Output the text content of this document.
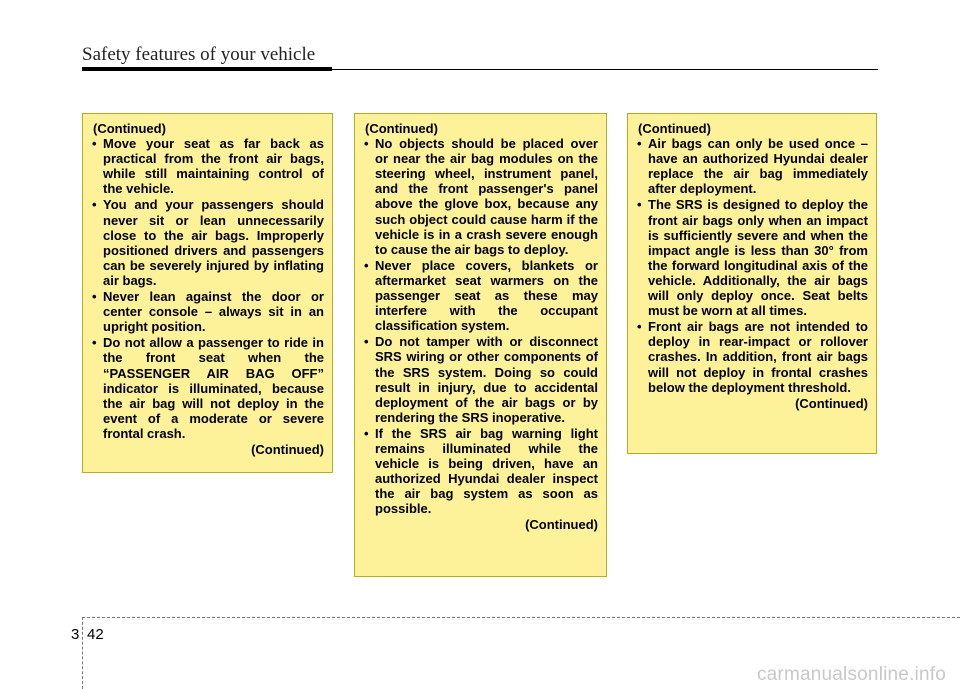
Safety features of your vehicle
(Continued)
• Move your seat as far back as practical from the front air bags, while still maintaining control of the vehicle.
• You and your passengers should never sit or lean unnecessarily close to the air bags. Improperly positioned drivers and passengers can be severely injured by inflating air bags.
• Never lean against the door or center console – always sit in an upright position.
• Do not allow a passenger to ride in the front seat when the “PASSENGER AIR BAG OFF” indicator is illuminated, because the air bag will not deploy in the event of a moderate or severe frontal crash.
(Continued)
(Continued)
• No objects should be placed over or near the air bag modules on the steering wheel, instrument panel, and the front passenger's panel above the glove box, because any such object could cause harm if the vehicle is in a crash severe enough to cause the air bags to deploy.
• Never place covers, blankets or aftermarket seat warmers on the passenger seat as these may interfere with the occupant classification system.
• Do not tamper with or disconnect SRS wiring or other components of the SRS system. Doing so could result in injury, due to accidental deployment of the air bags or by rendering the SRS inoperative.
• If the SRS air bag warning light remains illuminated while the vehicle is being driven, have an authorized Hyundai dealer inspect the air bag system as soon as possible.
(Continued)
(Continued)
• Air bags can only be used once – have an authorized Hyundai dealer replace the air bag immediately after deployment.
• The SRS is designed to deploy the front air bags only when an impact is sufficiently severe and when the impact angle is less than 30° from the forward longitudinal axis of the vehicle. Additionally, the air bags will only deploy once. Seat belts must be worn at all times.
• Front air bags are not intended to deploy in rear-impact or rollover crashes. In addition, front air bags will not deploy in frontal crashes below the deployment threshold.
(Continued)
3 42
carmanualsonline.info
